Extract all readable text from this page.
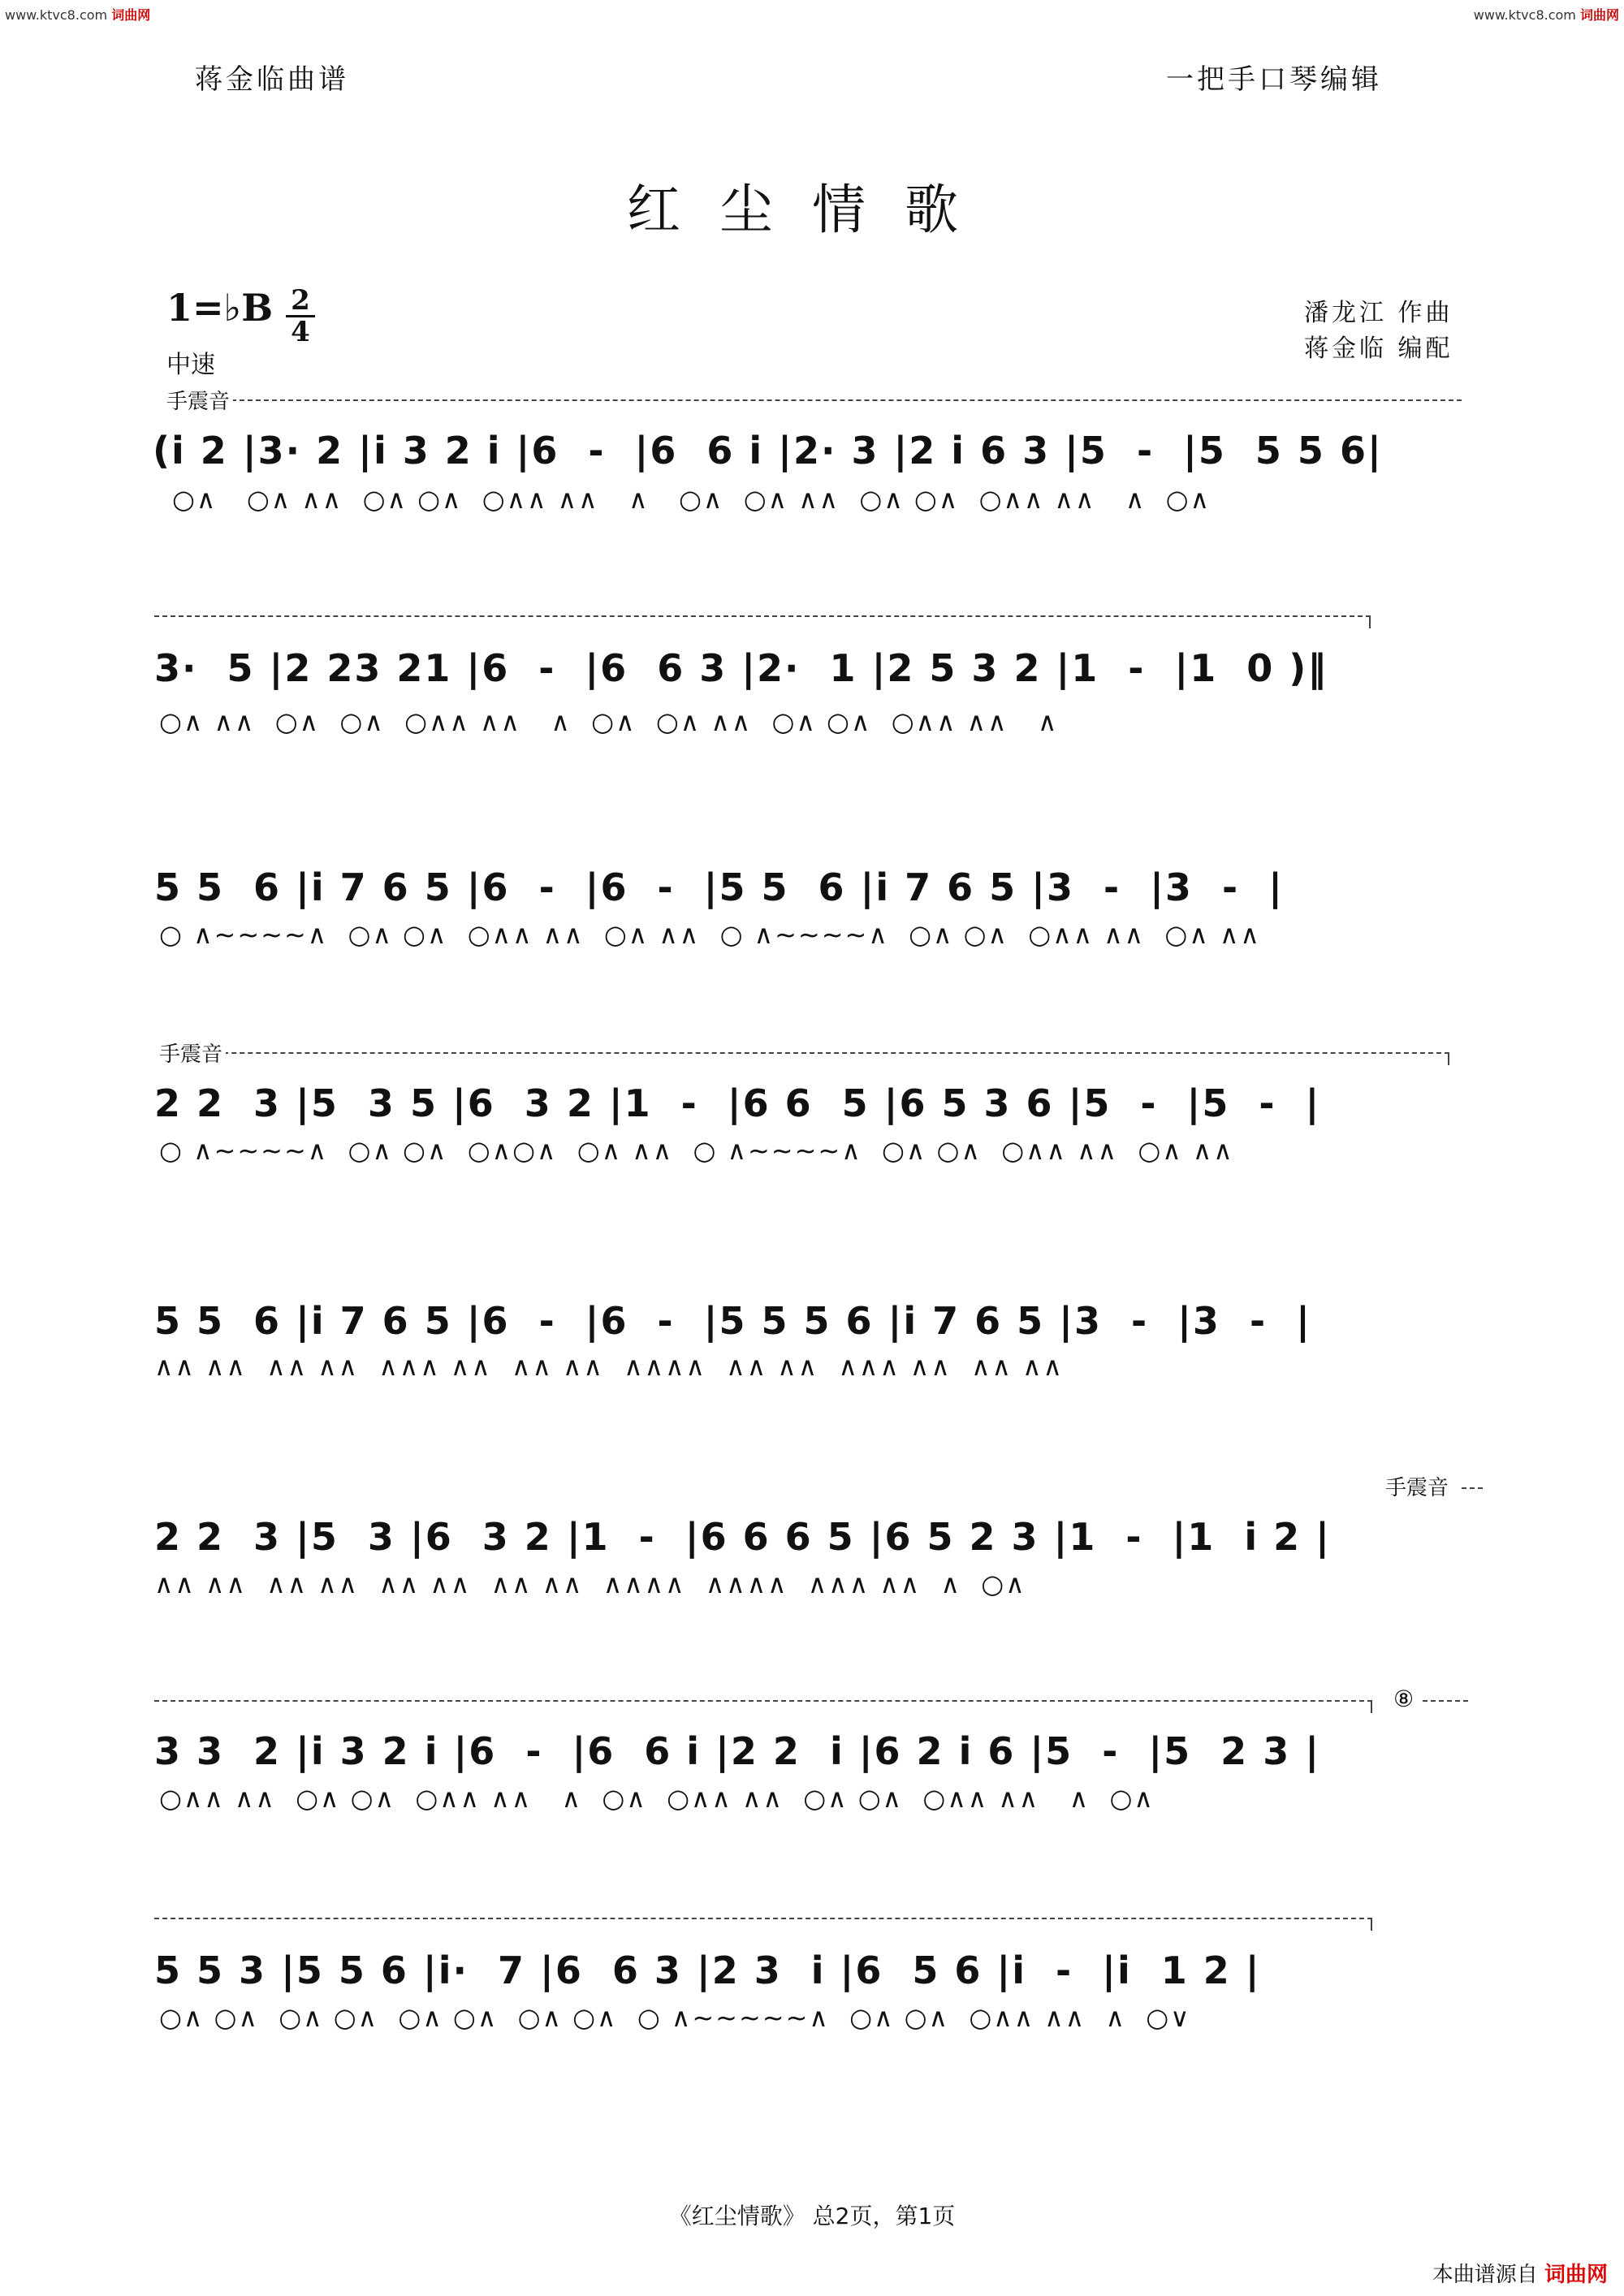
www.ktvc8.com 词曲网	www.ktvc8.com 词曲网
蒋金临曲谱	一把手口琴编辑
红尘情歌
1=♭B $\frac{2}{4}$
中速
潘龙江 作曲
蒋金临 编配
手震音
(i 2 |3· 2 |i 3 2 i |6  -  |6  6 i |2· 3 |2 i 6 3 |5  -  |5  5 5 6|
○∧   ○∧ ∧∧  ○∧ ○∧  ○∧∧ ∧∧   ∧   ○∧  ○∧ ∧∧  ○∧ ○∧  ○∧∧ ∧∧   ∧  ○∧
3·  5 |2 23 21 |6  -  |6  6 3 |2·  1 |2 5 3 2 |1  -  |1  0 )‖
○∧ ∧∧  ○∧  ○∧  ○∧∧ ∧∧   ∧  ○∧  ○∧ ∧∧  ○∧ ○∧  ○∧∧ ∧∧   ∧
5 5  6 |i 7 6 5 |6  -  |6  -  |5 5  6 |i 7 6 5 |3  -  |3  -  |
○ ∧~~~~∧  ○∧ ○∧  ○∧∧ ∧∧  ○∧ ∧∧  ○ ∧~~~~∧  ○∧ ○∧  ○∧∧ ∧∧  ○∧ ∧∧
手震音
2 2  3 |5  3 5 |6  3 2 |1  -  |6 6  5 |6 5 3 6 |5  -  |5  -  |
○ ∧~~~~∧  ○∧ ○∧  ○∧○∧  ○∧ ∧∧  ○ ∧~~~~∧  ○∧ ○∧  ○∧∧ ∧∧  ○∧ ∧∧
5 5  6 |i 7 6 5 |6  -  |6  -  |5 5 5 6 |i 7 6 5 |3  -  |3  -  |
∧∧ ∧∧  ∧∧ ∧∧  ∧∧∧ ∧∧  ∧∧ ∧∧  ∧∧∧∧  ∧∧ ∧∧  ∧∧∧ ∧∧  ∧∧ ∧∧
手震音
2 2  3 |5  3 |6  3 2 |1  -  |6 6 6 5 |6 5 2 3 |1  -  |1  i 2 |
∧∧ ∧∧  ∧∧ ∧∧  ∧∧ ∧∧  ∧∧ ∧∧  ∧∧∧∧  ∧∧∧∧  ∧∧∧ ∧∧  ∧  ○∧
⑧
3 3  2 |i 3 2 i |6  -  |6  6 i |2 2  i |6 2 i 6 |5  -  |5  2 3 |
○∧∧ ∧∧  ○∧ ○∧  ○∧∧ ∧∧   ∧  ○∧  ○∧∧ ∧∧  ○∧ ○∧  ○∧∧ ∧∧   ∧  ○∧
5 5 3 |5 5 6 |i·  7 |6  6 3 |2 3  i |6  5 6 |i  -  |i  1 2 |
○∧ ○∧  ○∧ ○∧  ○∧ ○∧  ○∧ ○∧  ○ ∧~~~~~∧  ○∧ ○∧  ○∧∧ ∧∧  ∧  ○∨
《红尘情歌》 总2页，第1页
本曲谱源自 词曲网
